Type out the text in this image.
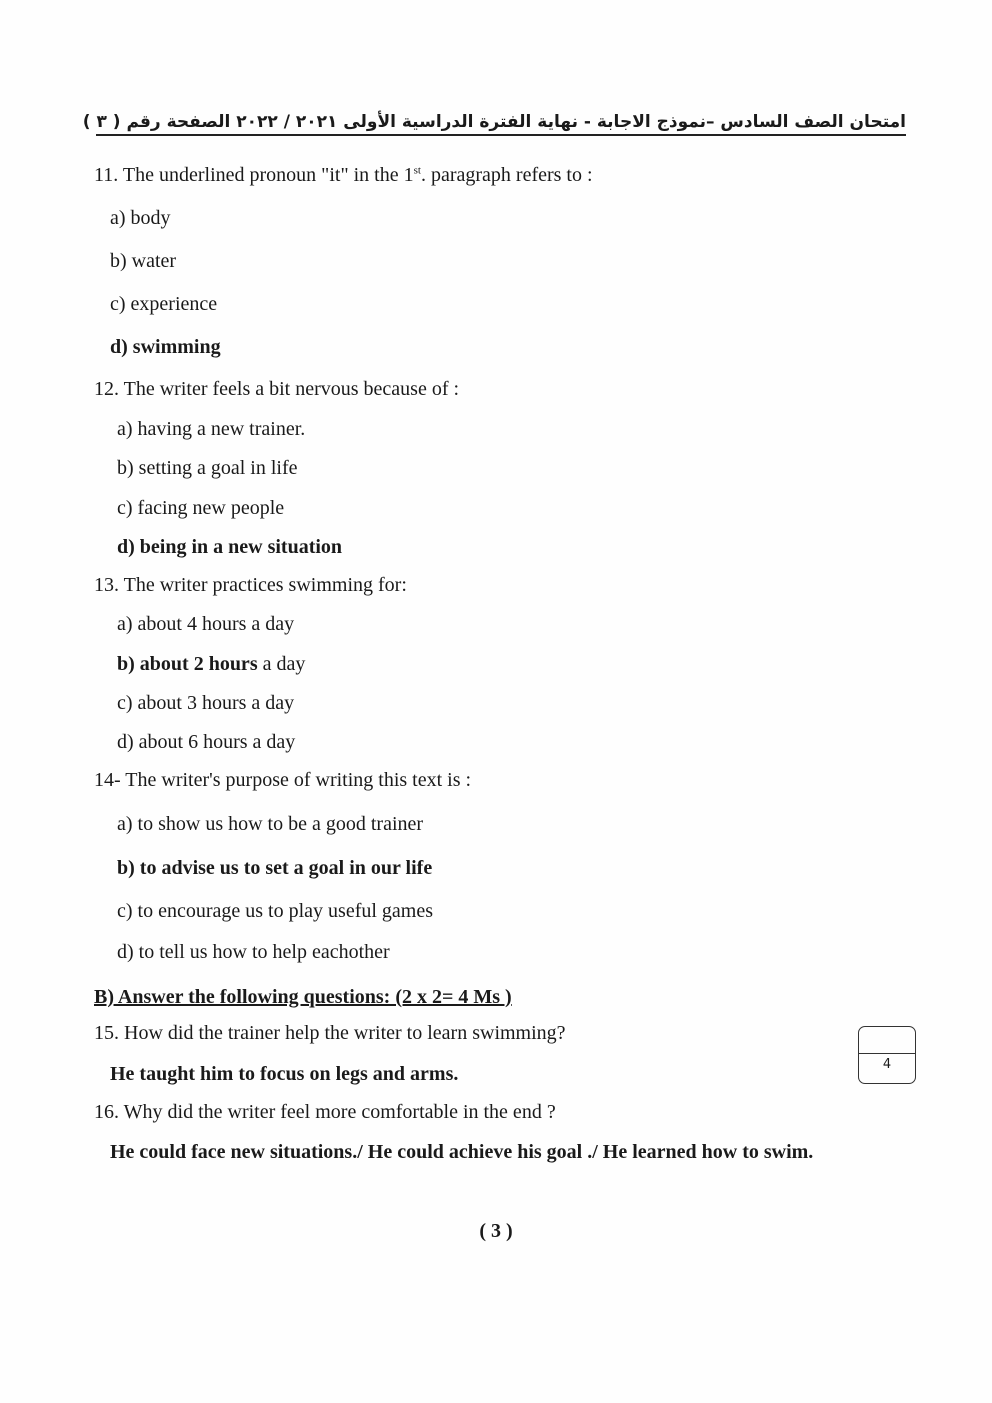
امتحان الصف السادس –نموذج الاجابة - نهاية الفترة الدراسية الأولى ٢٠٢١ / ٢٠٢٢ الصفحة رقم ( ٣ )
11. The underlined pronoun "it" in the 1st. paragraph refers to :
a) body
b) water
c) experience
d) swimming
12. The writer feels a bit nervous because of :
a) having a new trainer.
b) setting a goal in life
c) facing new people
d) being in a new situation
13. The writer practices swimming for:
a) about 4 hours a day
b) about 2 hours a day
c) about 3 hours a day
d) about 6 hours a day
14- The writer's purpose of writing this text is :
a) to show us how to be a good trainer
b) to advise us to set a goal in our life
c) to encourage us to play useful games
d) to tell us how to help eachother
B) Answer the following questions: (2 x 2= 4 Ms )
15. How did the trainer help the writer to learn swimming?
He taught him to focus on legs and arms.	4
16. Why did the writer feel more comfortable in the end ?
He could face new situations./ He could achieve his goal ./ He learned how to swim.
( 3 )
